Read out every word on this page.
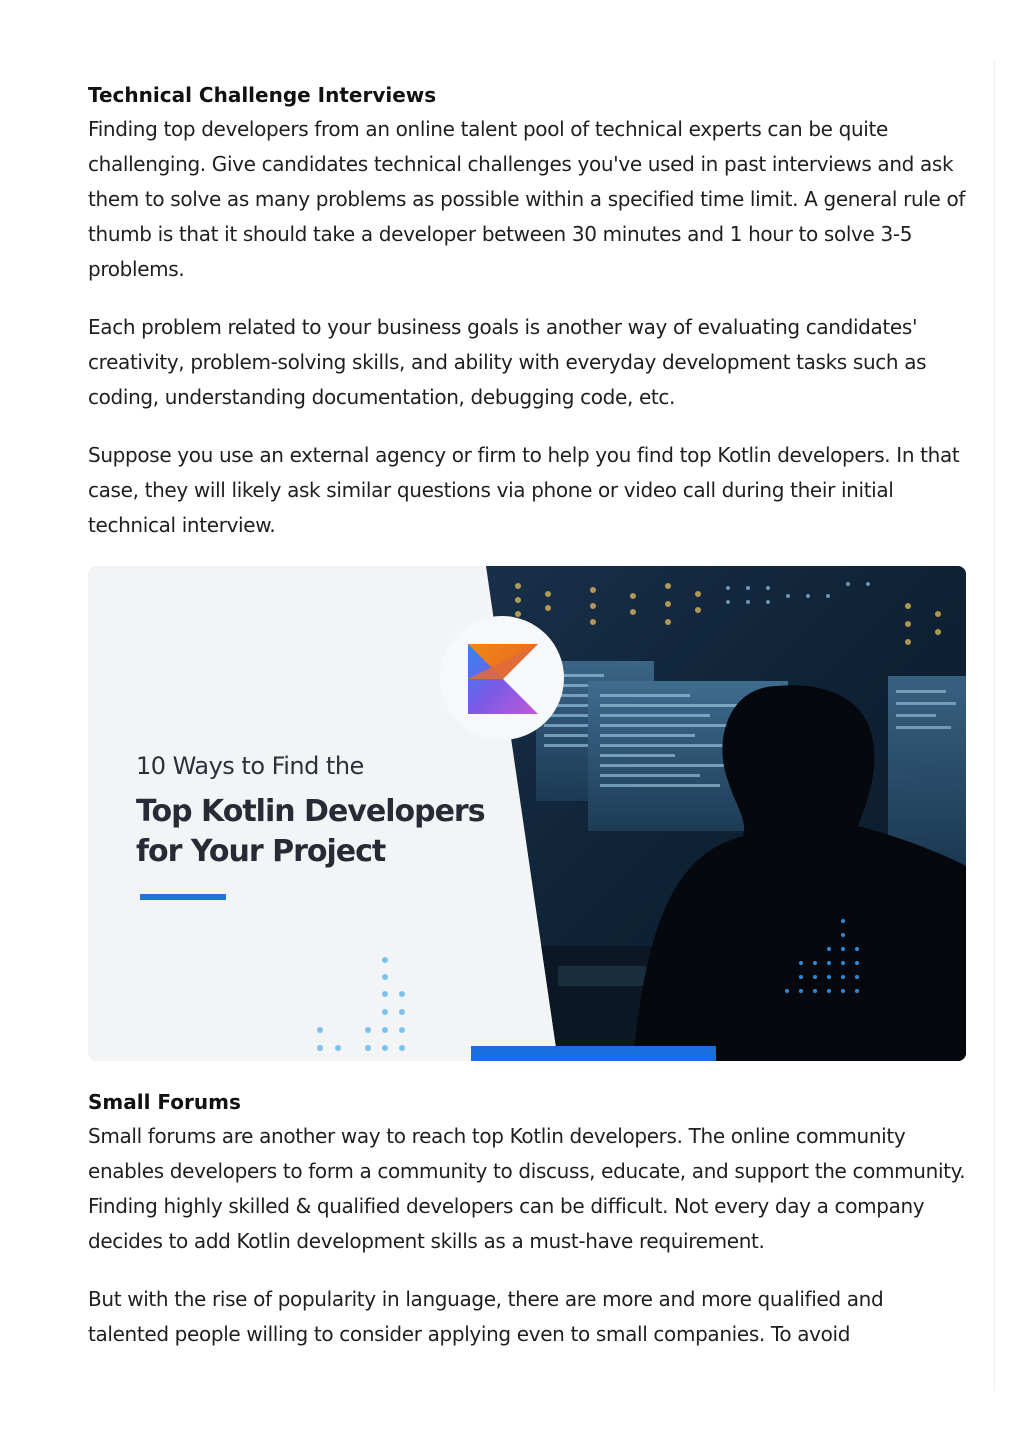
Technical Challenge Interviews

Finding top developers from an online talent pool of technical experts can be quite challenging. Give candidates technical challenges you've used in past interviews and ask them to solve as many problems as possible within a specified time limit. A general rule of thumb is that it should take a developer between 30 minutes and 1 hour to solve 3-5 problems.

Each problem related to your business goals is another way of evaluating candidates' creativity, problem-solving skills, and ability with everyday development tasks such as coding, understanding documentation, debugging code, etc.

Suppose you use an external agency or firm to help you find top Kotlin developers. In that case, they will likely ask similar questions via phone or video call during their initial technical interview.

10 Ways to Find the
Top Kotlin Developers
for Your Project
Small Forums

Small forums are another way to reach top Kotlin developers. The online community enables developers to form a community to discuss, educate, and support the community. Finding highly skilled & qualified developers can be difficult. Not every day a company decides to add Kotlin development skills as a must-have requirement.

But with the rise of popularity in language, there are more and more qualified and talented people willing to consider applying even to small companies. To avoid
